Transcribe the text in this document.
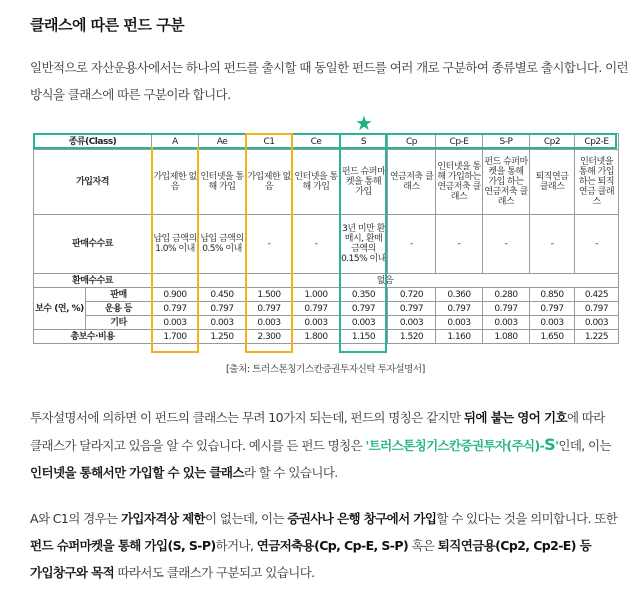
클래스에 따른 펀드 구분
일반적으로 자산운용사에서는 하나의 펀드를 출시할 때 동일한 펀드를 여러 개로 구분하여 종류별로 출시합니다. 이런 방식을 클래스에 따른 구분이라 합니다.
★
종류(Class)		A	Ae	C1	Ce	S	Cp	Cp-E	S-P	Cp2	Cp2-E
가입자격		가입제한 없음	인터넷을 통해 가입	가입제한 없음	인터넷을 통해 가입	펀드 슈퍼마켓을 통해 가입	연금저축 클래스	인터넷을 통해 가입하는 연금저축 클래스	펀드 슈퍼마켓을 통해 가입 하는 연금저축 클래스	퇴직연금 클래스	인터넷을 통해 가입하는 퇴직연금 클래스
판매수수료		납입 금액의 1.0% 이내	납입 금액의 0.5% 이내	-	-	3년 미만 환매시, 환매금액의 0.15% 이내	-	-	-	-	-
환매수수료		없음									
보수 (연, %)	판매	0.900	0.450	1.500	1.000	0.350	0.720	0.360	0.280	0.850	0.425
	운용 등	0.797	0.797	0.797	0.797	0.797	0.797	0.797	0.797	0.797	0.797
	기타	0.003	0.003	0.003	0.003	0.003	0.003	0.003	0.003	0.003	0.003
총보수·비용		1.700	1.250	2.300	1.800	1.150	1.520	1.160	1.080	1.650	1.225
[출처: 트러스톤칭기스칸증권투자신탁 투자설명서]
투자설명서에 의하면 이 펀드의 클래스는 무려 10가지 되는데, 펀드의 명칭은 같지만 뒤에 붙는 영어 기호에 따라 클래스가 달라지고 있음을 알 수 있습니다. 예시를 든 펀드 명칭은 '트러스톤칭기스칸증권투자(주식)-S'인데, 이는 인터넷을 통해서만 가입할 수 있는 클래스라 할 수 있습니다.
A와 C1의 경우는 가입자격상 제한이 없는데, 이는 증권사나 은행 창구에서 가입할 수 있다는 것을 의미합니다. 또한 펀드 슈퍼마켓을 통해 가입(S, S-P)하거나, 연금저축용(Cp, Cp-E, S-P) 혹은 퇴직연금용(Cp2, Cp2-E) 등 가입창구와 목적 따라서도 클래스가 구분되고 있습니다.
